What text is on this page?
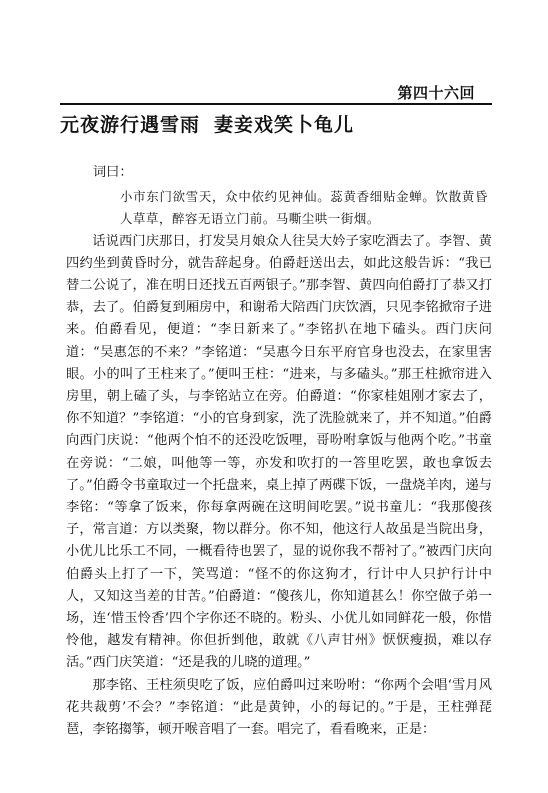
第四十六回
元夜游行遇雪雨 妻妾戏笑卜龟儿

词曰：

小市东门欲雪天，众中依约见神仙。蕊黄香细贴金蝉。饮散黄昏人草草，醉容无语立门前。马嘶尘哄一街烟。

话说西门庆那日，打发吴月娘众人往吴大妗子家吃酒去了。李智、黄四约坐到黄昏时分，就告辞起身。伯爵赶送出去，如此这般告诉：“我已替二公说了，准在明日还找五百两银子。”那李智、黄四向伯爵打了恭又打恭，去了。伯爵复到厢房中，和谢希大陪西门庆饮酒，只见李铭掀帘子进来。伯爵看见，便道：“李日新来了。”李铭扒在地下磕头。西门庆问道：“吴惠怎的不来？”李铭道：“吴惠今日东平府官身也没去，在家里害眼。小的叫了王柱来了。”便叫王柱：“进来，与多磕头。”那王柱掀帘进入房里，朝上磕了头，与李铭站立在旁。伯爵道：“你家桂姐刚才家去了，你不知道？”李铭道：“小的官身到家，洗了洗脸就来了，并不知道。”伯爵向西门庆说：“他两个怕不的还没吃饭哩，哥吩咐拿饭与他两个吃。”书童在旁说：“二娘，叫他等一等，亦发和吹打的一答里吃罢，敢也拿饭去了。”伯爵令书童取过一个托盘来，桌上掉了两碟下饭，一盘烧羊肉，递与李铭：“等拿了饭来，你每拿两碗在这明间吃罢。”说书童儿：“我那傻孩子，常言道：方以类聚，物以群分。你不知，他这行人故虽是当院出身，小优儿比乐工不同，一概看待也罢了，显的说你我不帮衬了。”被西门庆向伯爵头上打了一下，笑骂道：“怪不的你这狗才，行计中人只护行计中人，又知这当差的甘苦。”伯爵道：“傻孩儿，你知道甚么！你空做子弟一场，连‘惜玉怜香’四个字你还不晓的。粉头、小优儿如同鲜花一般，你惜怜他，越发有精神。你但折剉他，敢就《八声甘州》恹恹瘦损，难以存活。”西门庆笑道：“还是我的儿晓的道理。”

那李铭、王柱须臾吃了饭，应伯爵叫过来吩咐：“你两个会唱‘雪月风花共裁剪’不会？”李铭道：“此是黄钟，小的每记的。”于是，王柱弹琵琶，李铭搊筝，顿开喉音唱了一套。唱完了，看看晚来，正是：
